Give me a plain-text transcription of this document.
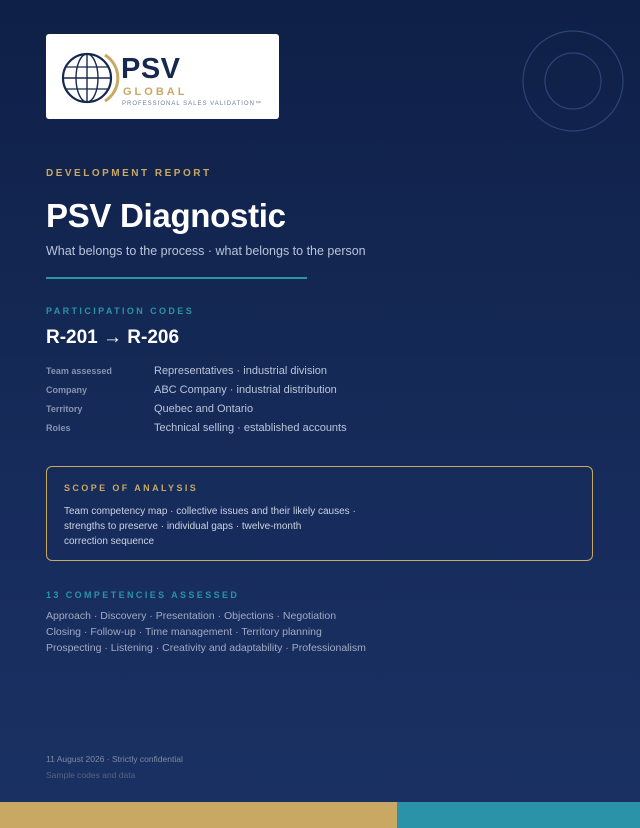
PSV
GLOBAL
PROFESSIONAL SALES VALIDATION™
DEVELOPMENT REPORT
PSV Diagnostic
What belongs to the process · what belongs to the person
PARTICIPATION CODES
R-201 → R-206
Team assessed	Representatives · industrial division
Company	ABC Company · industrial distribution
Territory	Quebec and Ontario
Roles	Technical selling · established accounts
SCOPE OF ANALYSIS
Team competency map · collective issues and their likely causes ·
strengths to preserve · individual gaps · twelve-month
correction sequence
13 COMPETENCIES ASSESSED
Approach · Discovery · Presentation · Objections · Negotiation
Closing · Follow-up · Time management · Territory planning
Prospecting · Listening · Creativity and adaptability · Professionalism
11 August 2026 · Strictly confidential
Sample codes and data
